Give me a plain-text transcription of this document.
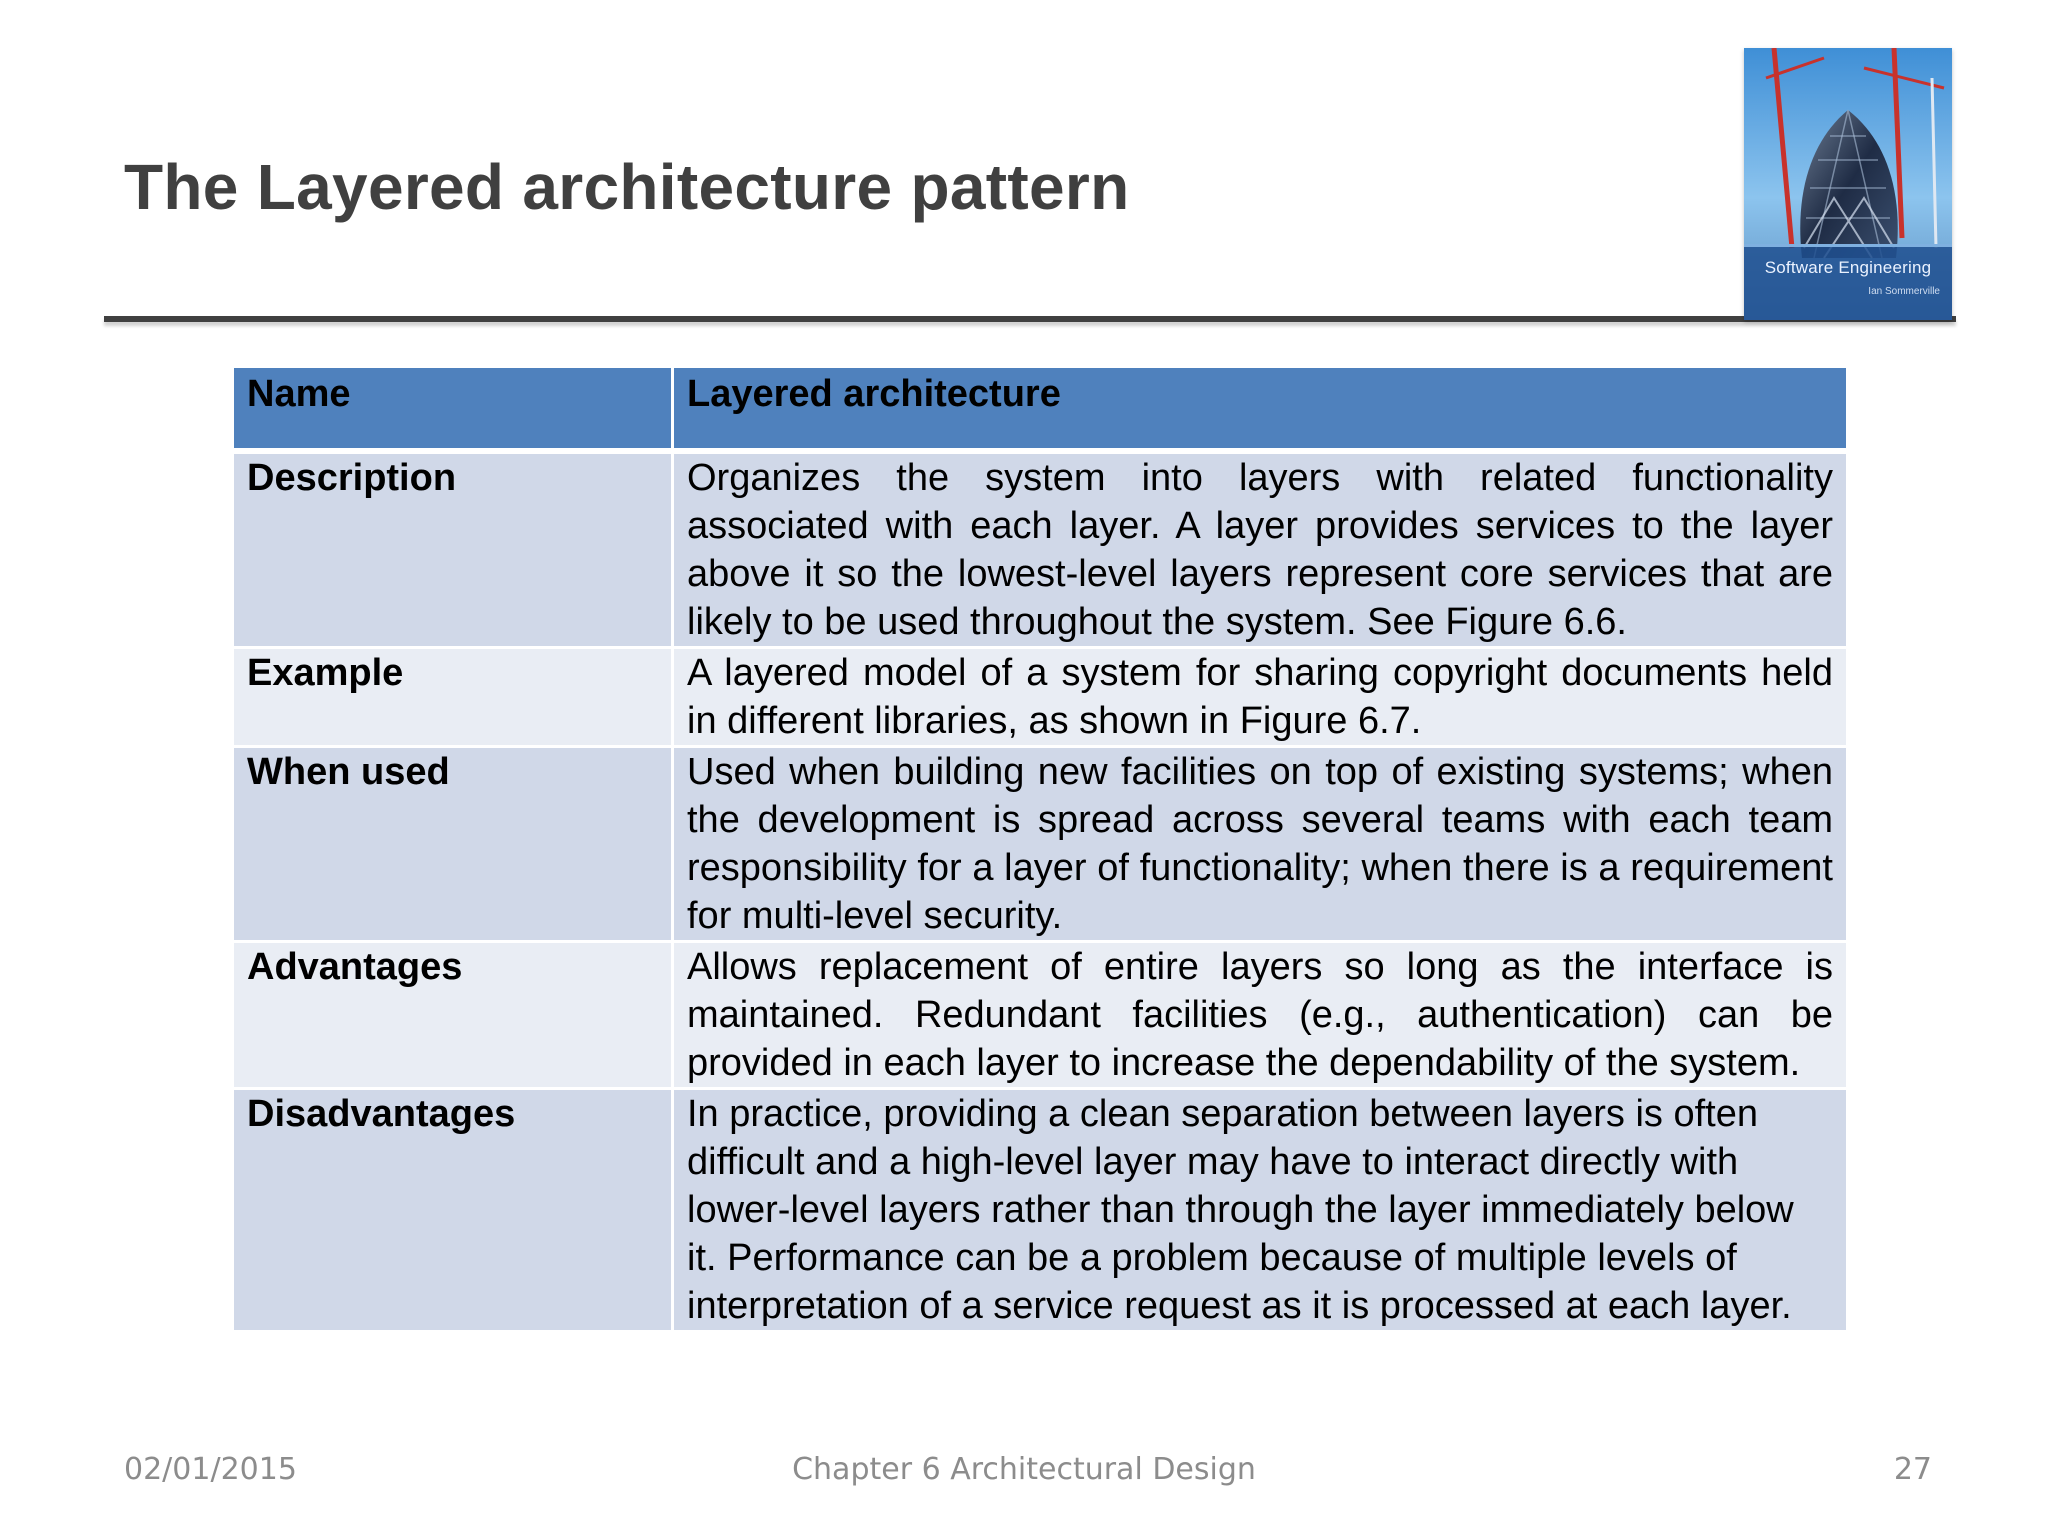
The Layered architecture pattern
Software Engineering
Ian Sommerville
Name	Layered architecture
Description	Organizes the system into layers with related functionality associated with each layer. A layer provides services to the layer above it so the lowest-level layers represent core services that are likely to be used throughout the system. See Figure 6.6.
Example	A layered model of a system for sharing copyright documents held in different libraries, as shown in Figure 6.7.
When used	Used when building new facilities on top of existing systems; when the development is spread across several teams with each team responsibility for a layer of functionality; when there is a requirement for multi-level security.
Advantages	Allows replacement of entire layers so long as the interface is maintained. Redundant facilities (e.g., authentication) can be provided in each layer to increase the dependability of the system.
Disadvantages	In practice, providing a clean separation between layers is often difficult and a high-level layer may have to interact directly with lower-level layers rather than through the layer immediately below it. Performance can be a problem because of multiple levels of interpretation of a service request as it is processed at each layer.
02/01/2015	Chapter 6 Architectural Design	27
